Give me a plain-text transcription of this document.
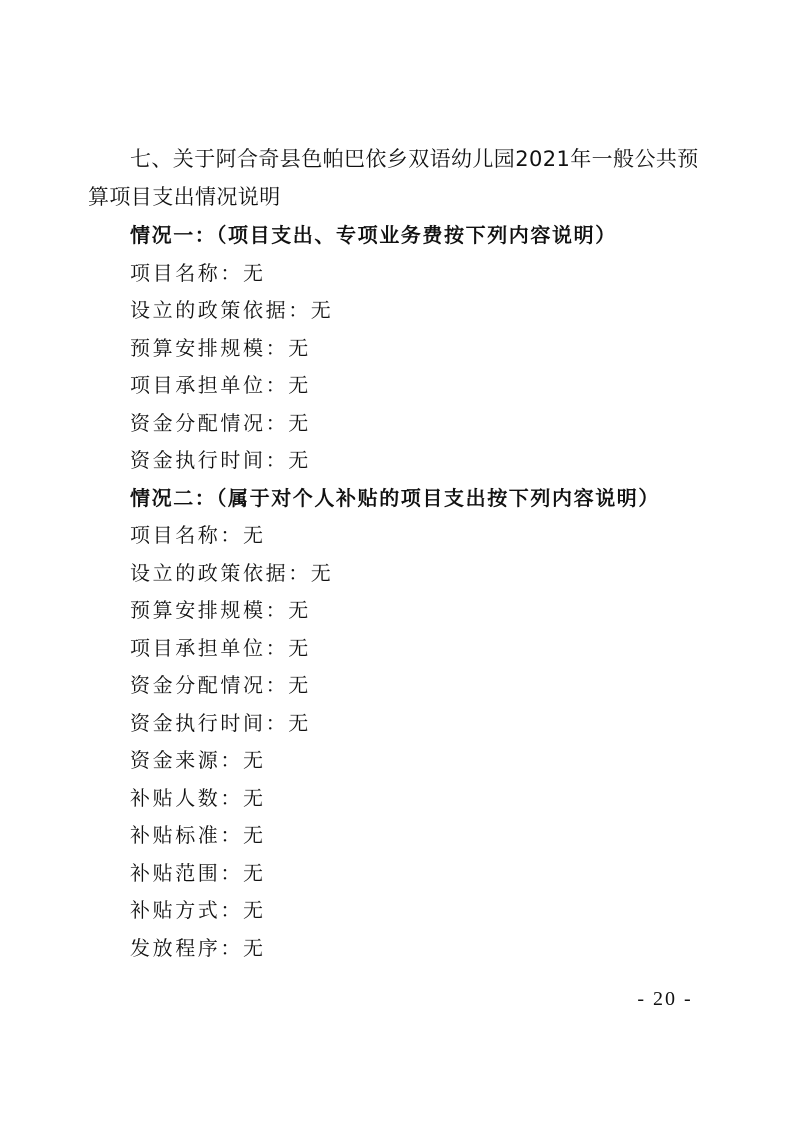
七、关于阿合奇县色帕巴依乡双语幼儿园2021年一般公共预算项目支出情况说明
情况一：（项目支出、专项业务费按下列内容说明）
项目名称：无
设立的政策依据：无
预算安排规模：无
项目承担单位：无
资金分配情况：无
资金执行时间：无
情况二：（属于对个人补贴的项目支出按下列内容说明）
项目名称：无
设立的政策依据：无
预算安排规模：无
项目承担单位：无
资金分配情况：无
资金执行时间：无
资金来源：无
补贴人数：无
补贴标准：无
补贴范围：无
补贴方式：无
发放程序：无
- 20 -
